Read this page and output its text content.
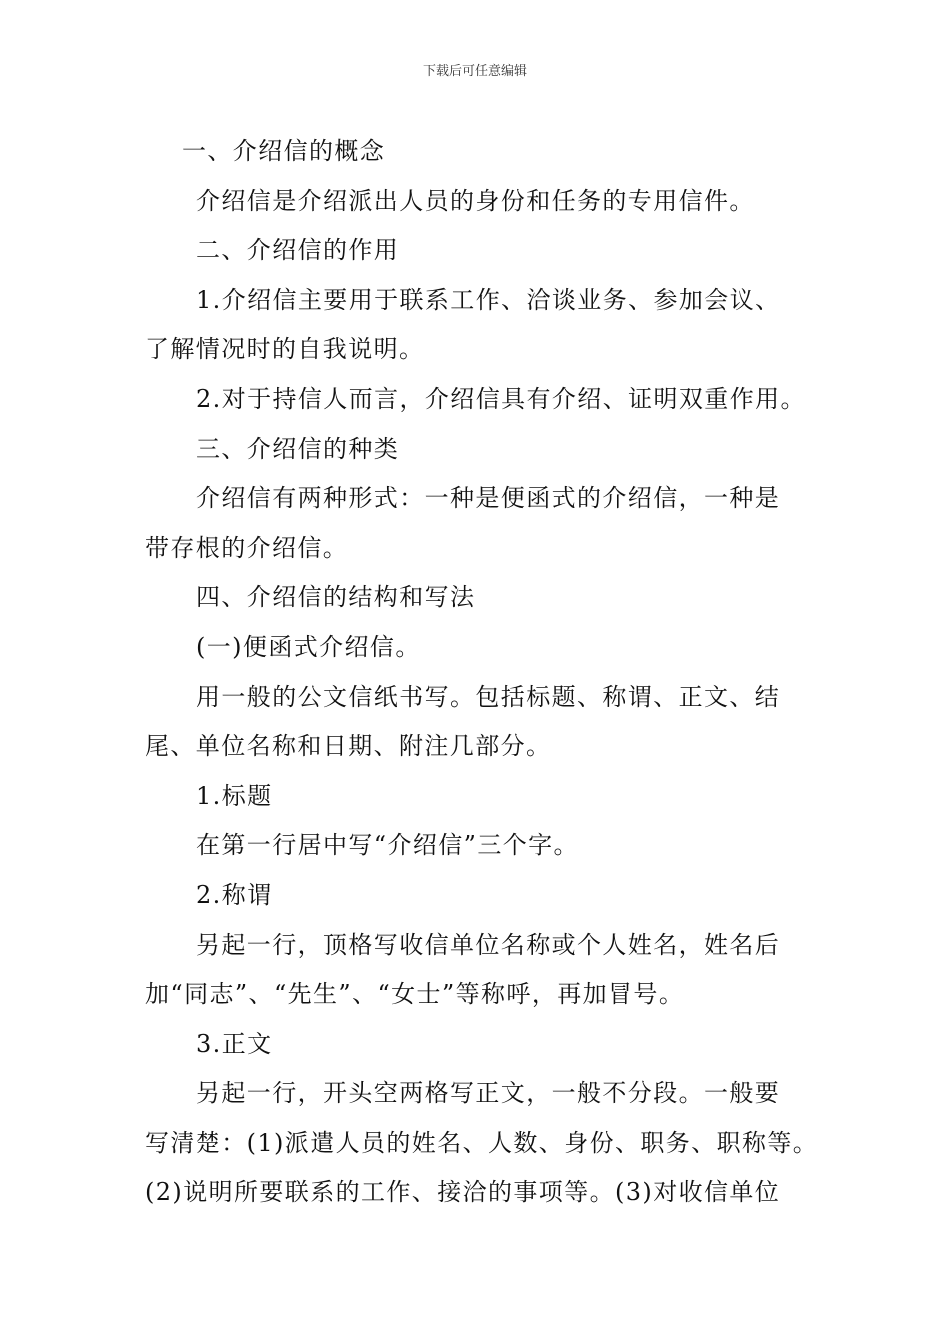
下载后可任意编辑

一、介绍信的概念

介绍信是介绍派出人员的身份和任务的专用信件。

二、介绍信的作用

1.介绍信主要用于联系工作、洽谈业务、参加会议、

了解情况时的自我说明。

2.对于持信人而言，介绍信具有介绍、证明双重作用。

三、介绍信的种类

介绍信有两种形式：一种是便函式的介绍信，一种是

带存根的介绍信。

四、介绍信的结构和写法

(一)便函式介绍信。

用一般的公文信纸书写。包括标题、称谓、正文、结

尾、单位名称和日期、附注几部分。

1.标题

在第一行居中写“介绍信”三个字。

2.称谓

另起一行，顶格写收信单位名称或个人姓名，姓名后

加“同志”、“先生”、“女士”等称呼，再加冒号。

3.正文

另起一行，开头空两格写正文，一般不分段。一般要

写清楚：(1)派遣人员的姓名、人数、身份、职务、职称等。

(2)说明所要联系的工作、接洽的事项等。(3)对收信单位
